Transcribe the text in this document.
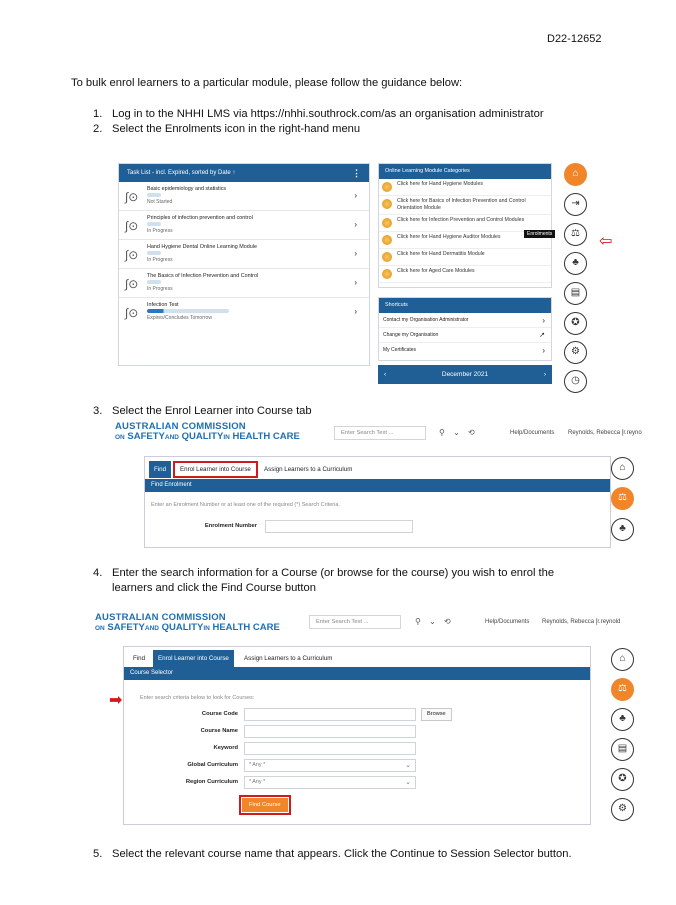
D22-12652
To bulk enrol learners to a particular module, please follow the guidance below:
1. Log in to the NHHI LMS via https://nhhi.southrock.com/as an organisation administrator
2. Select the Enrolments icon in the right-hand menu
Task List - incl. Expired, sorted by Date ↑	⋮
∫⊙
Basic epidemiology and statistics
Not Started
›
∫⊙
Principles of infection prevention and control
In Progress
›
∫⊙
Hand Hygiene Dental Online Learning Module
In Progress
›
∫⊙
The Basics of Infection Prevention and Control
In Progress
›
∫⊙
Infection Test
Expires/Concludes Tomorrow
›
Online Learning Module Categories
Click here for Hand Hygiene Modules
Click here for Basics of Infection Prevention and Control Orientation Module
Click here for Infection Prevention and Control Modules
Click here for Hand Hygiene Auditor Modules
Click here for Hand Dermatitis Module
Click here for Aged Care Modules
Enrolments
Shortcuts
Contact my Organisation Administrator	›
Change my Organisation	↗
My Certificates	›
‹	December 2021	›
⌂
⇥
⚖
♣
▤
✪
⚙
◷
⇦
3. Select the Enrol Learner into Course tab
AUSTRALIAN COMMISSION
ON SAFETYAND QUALITYIN HEALTH CARE	Enter Search Text ...	⚲ ⌄ ⟲	Help/Documents Reynolds, Rebecca [r.reyno
Find	Enrol Learner into Course	Assign Learners to a Curriculum
Find Enrolment
Enter an Enrolment Number or at least one of the required (*) Search Criteria.
Enrolment Number
⌂
⚖
♣
4. Enter the search information for a Course (or browse for the course) you wish to enrol the
learners and click the Find Course button
AUSTRALIAN COMMISSION
ON SAFETYAND QUALITYIN HEALTH CARE	Enter Search Text ...	⚲ ⌄ ⟲	Help/Documents Reynolds, Rebecca [r.reynold
Find	Enrol Learner into Course	Assign Learners to a Curriculum
Course Selector
Enter search criteria below to look for Courses:
Course Code	Browse
Course Name
Keyword
Global Curriculum	* Any *	⌄
Region Curriculum	* Any *	⌄
Find Course
➡
⌂
⚖
♣
▤
✪
⚙
5. Select the relevant course name that appears. Click the Continue to Session Selector button.
